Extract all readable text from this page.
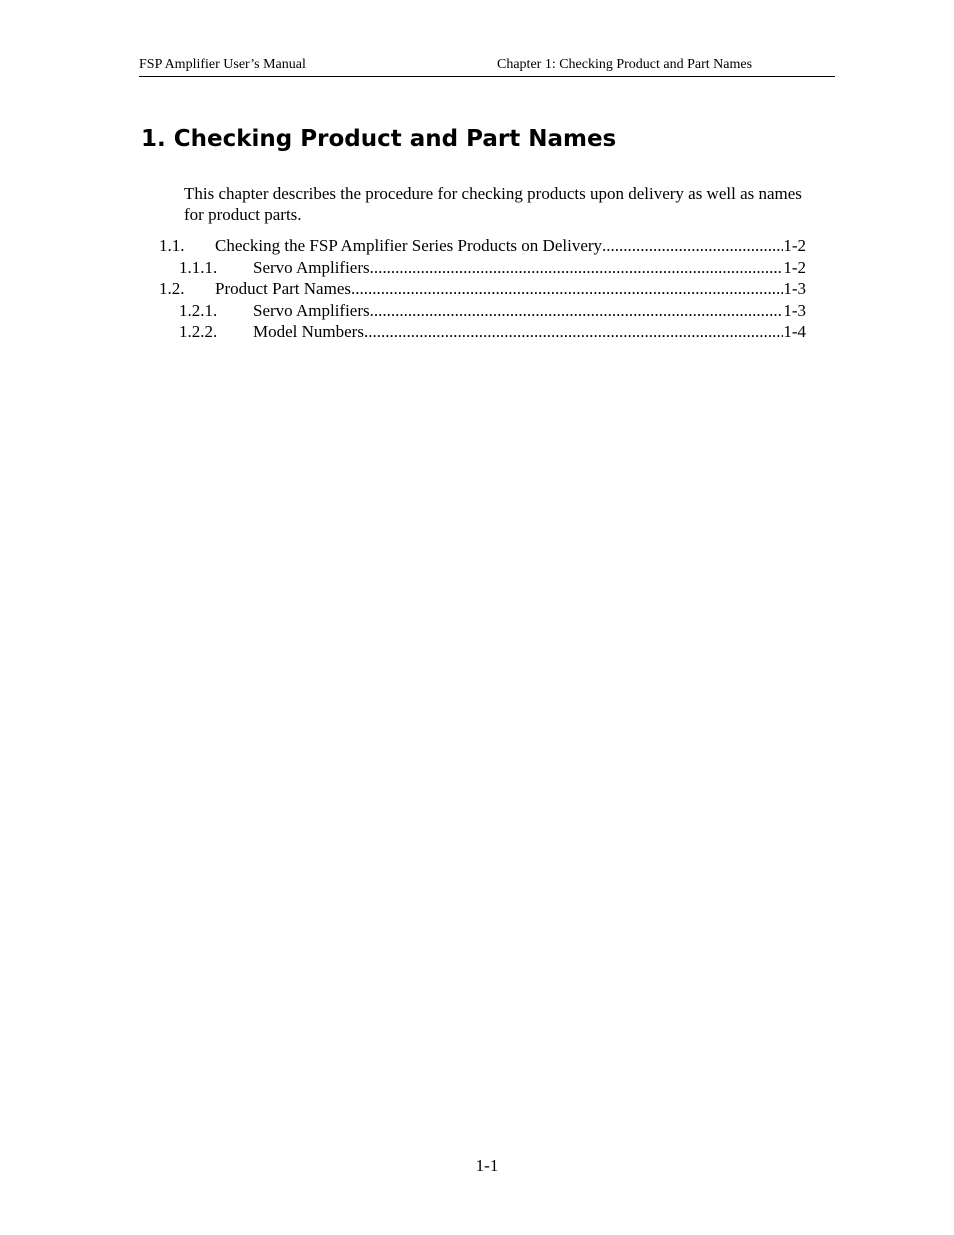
FSP Amplifier User’s Manual	Chapter 1: Checking Product and Part Names
1. Checking Product and Part Names

This chapter describes the procedure for checking products upon delivery as well as names for product parts.

1.1. Checking the FSP Amplifier Series Products on Delivery .....	1-2
1.1.1. Servo Amplifiers .....	1-2
1.2. Product Part Names .....	1-3
1.2.1. Servo Amplifiers .....	1-3
1.2.2. Model Numbers .....	1-4
1-1
